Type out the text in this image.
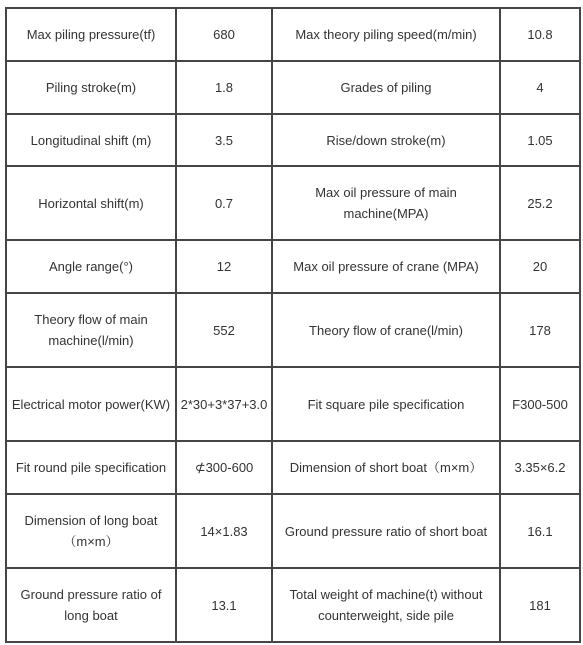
Max piling pressure(tf)	680	Max theory piling speed(m/min)	10.8
Piling stroke(m)	1.8	Grades of piling	4
Longitudinal shift (m)	3.5	Rise/down stroke(m)	1.05
Horizontal shift(m)	0.7	Max oil pressure of main machine(MPA)	25.2
Angle range(°)	12	Max oil pressure of crane (MPA)	20
Theory flow of main machine(l/min)	552	Theory flow of crane(l/min)	178
Electrical motor power(KW)	2*30+3*37+3.0	Fit square pile specification	F300-500
Fit round pile specification	⊄300-600	Dimension of short boat（m×m）	3.35×6.2
Dimension of long boat（m×m）	14×1.83	Ground pressure ratio of short boat	16.1
Ground pressure ratio of long boat	13.1	Total weight of machine(t) without counterweight, side pile	181
